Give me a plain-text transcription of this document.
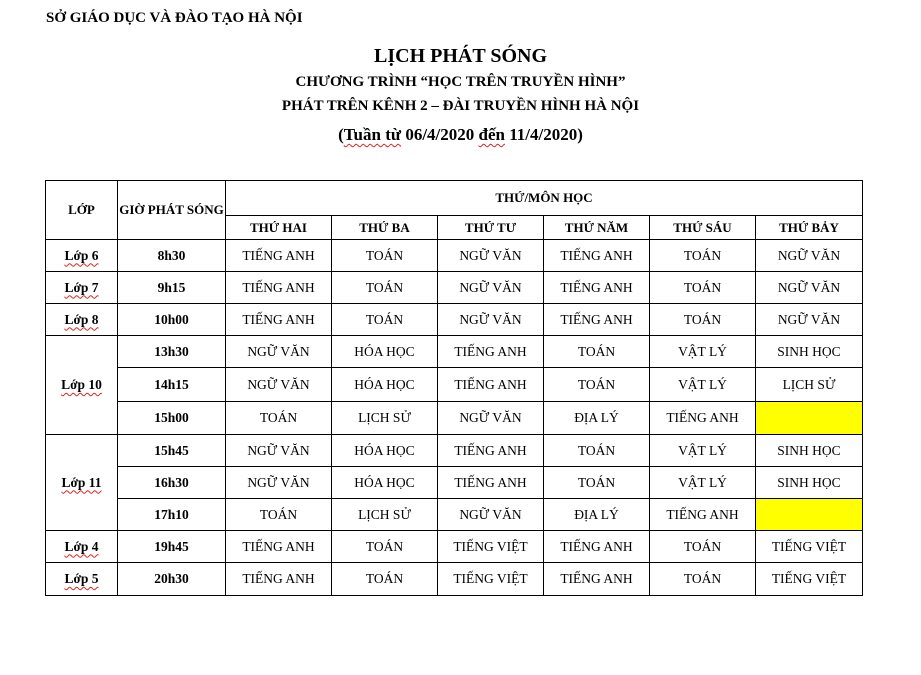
SỞ GIÁO DỤC VÀ ĐÀO TẠO HÀ NỘI
LỊCH PHÁT SÓNG
CHƯƠNG TRÌNH “HỌC TRÊN TRUYỀN HÌNH”
PHÁT TRÊN KÊNH 2 – ĐÀI TRUYỀN HÌNH HÀ NỘI
(Tuần từ 06/4/2020 đến 11/4/2020)
LỚP	GIỜ PHÁT SÓNG	THỨ/MÔN HỌC					
		THỨ HAI	THỨ BA	THỨ TƯ	THỨ NĂM	THỨ SÁU	THỨ BẢY
Lớp 6	8h30	TIẾNG ANH	TOÁN	NGỮ VĂN	TIẾNG ANH	TOÁN	NGỮ VĂN
Lớp 7	9h15	TIẾNG ANH	TOÁN	NGỮ VĂN	TIẾNG ANH	TOÁN	NGỮ VĂN
Lớp 8	10h00	TIẾNG ANH	TOÁN	NGỮ VĂN	TIẾNG ANH	TOÁN	NGỮ VĂN
Lớp 10	13h30	NGỮ VĂN	HÓA HỌC	TIẾNG ANH	TOÁN	VẬT LÝ	SINH HỌC
	14h15	NGỮ VĂN	HÓA HỌC	TIẾNG ANH	TOÁN	VẬT LÝ	LỊCH SỬ
	15h00	TOÁN	LỊCH SỬ	NGỮ VĂN	ĐỊA LÝ	TIẾNG ANH	
Lớp 11	15h45	NGỮ VĂN	HÓA HỌC	TIẾNG ANH	TOÁN	VẬT LÝ	SINH HỌC
	16h30	NGỮ VĂN	HÓA HỌC	TIẾNG ANH	TOÁN	VẬT LÝ	SINH HỌC
	17h10	TOÁN	LỊCH SỬ	NGỮ VĂN	ĐỊA LÝ	TIẾNG ANH	
Lớp 4	19h45	TIẾNG ANH	TOÁN	TIẾNG VIỆT	TIẾNG ANH	TOÁN	TIẾNG VIỆT
Lớp 5	20h30	TIẾNG ANH	TOÁN	TIẾNG VIỆT	TIẾNG ANH	TOÁN	TIẾNG VIỆT
